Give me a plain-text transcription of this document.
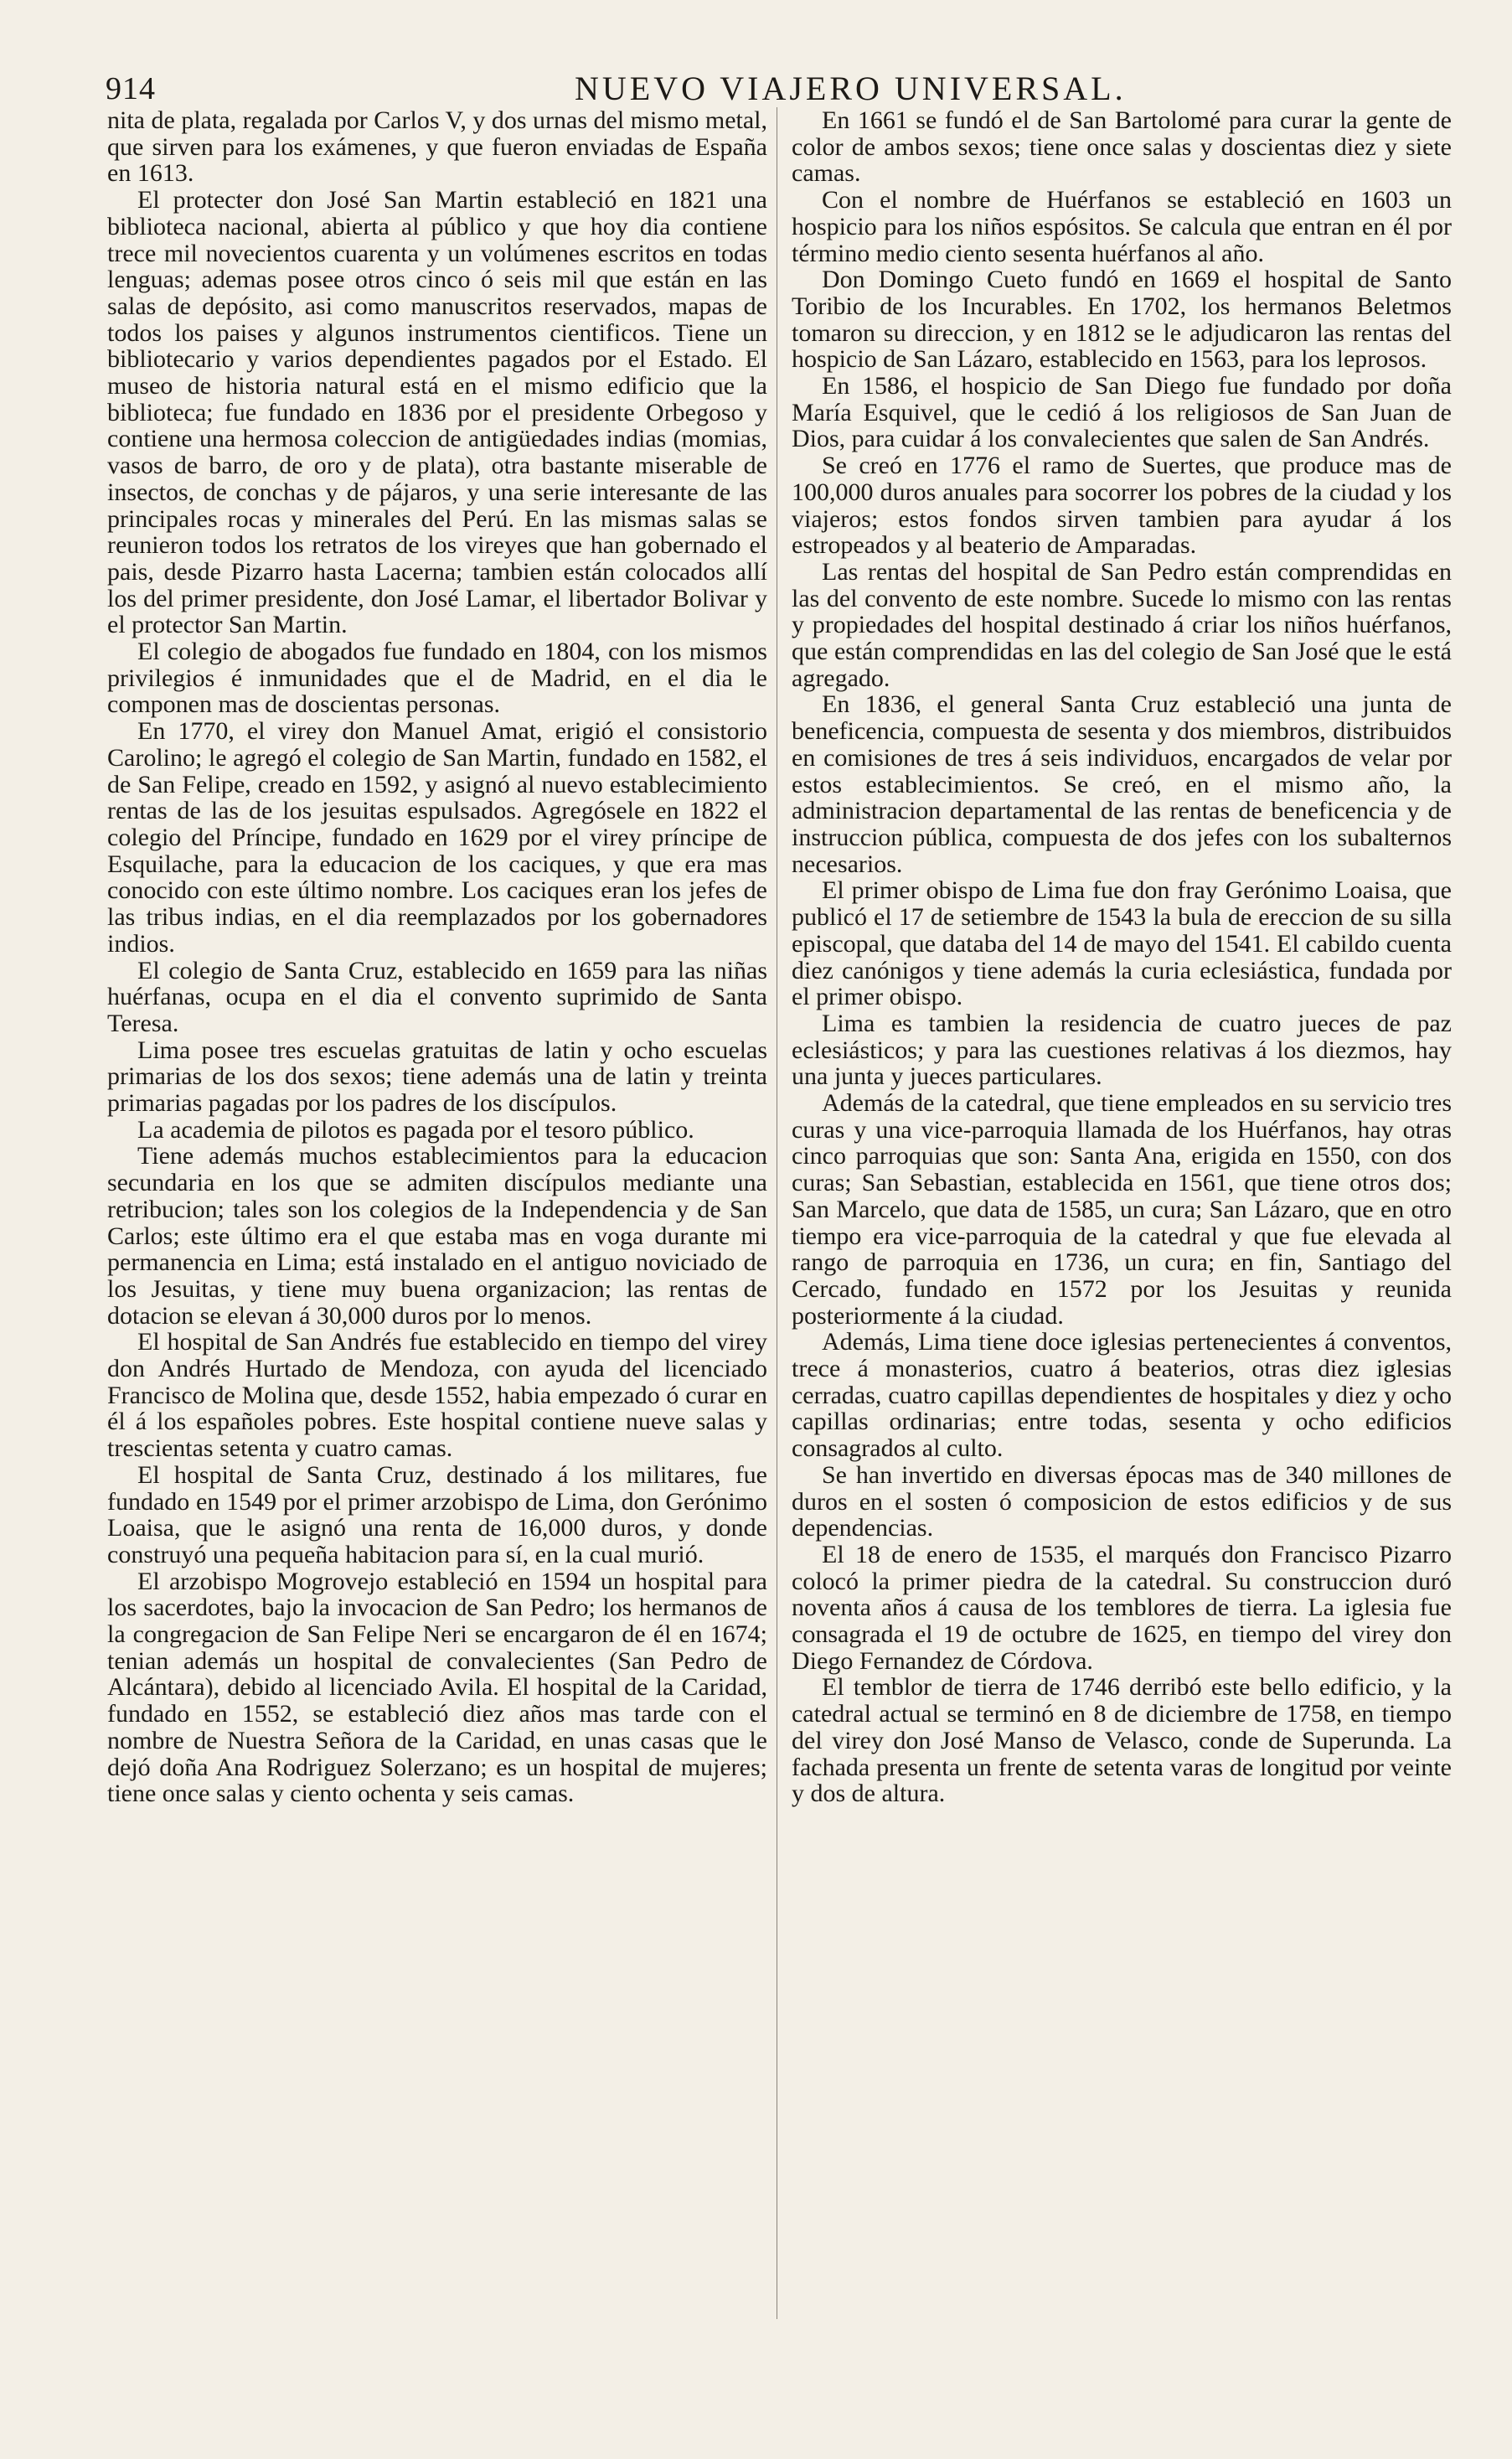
914	NUEVO VIAJERO UNIVERSAL.

nita de plata, regalada por Carlos V, y dos urnas del mismo metal, que sirven para los exámenes, y que fueron enviadas de España en 1613.

El protecter don José San Martin estableció en 1821 una biblioteca nacional, abierta al público y que hoy dia contiene trece mil novecientos cuarenta y un volúmenes escritos en todas lenguas; ademas posee otros cinco ó seis mil que están en las salas de depósito, asi como manuscritos reservados, mapas de todos los paises y algunos instrumentos cientificos. Tiene un bibliotecario y varios dependientes pagados por el Estado. El museo de historia natural está en el mismo edificio que la biblioteca; fue fundado en 1836 por el presidente Orbegoso y contiene una hermosa coleccion de antigüedades indias (momias, vasos de barro, de oro y de plata), otra bastante miserable de insectos, de conchas y de pájaros, y una serie interesante de las principales rocas y minerales del Perú. En las mismas salas se reunieron todos los retratos de los vireyes que han gobernado el pais, desde Pizarro hasta Lacerna; tambien están colocados allí los del primer presidente, don José Lamar, el libertador Bolivar y el protector San Martin.

El colegio de abogados fue fundado en 1804, con los mismos privilegios é inmunidades que el de Madrid, en el dia le componen mas de doscientas personas.

En 1770, el virey don Manuel Amat, erigió el consistorio Carolino; le agregó el colegio de San Martin, fundado en 1582, el de San Felipe, creado en 1592, y asignó al nuevo establecimiento rentas de las de los jesuitas espulsados. Agregósele en 1822 el colegio del Príncipe, fundado en 1629 por el virey príncipe de Esquilache, para la educacion de los caciques, y que era mas conocido con este último nombre. Los caciques eran los jefes de las tribus indias, en el dia reemplazados por los gobernadores indios.

El colegio de Santa Cruz, establecido en 1659 para las niñas huérfanas, ocupa en el dia el convento suprimido de Santa Teresa.

Lima posee tres escuelas gratuitas de latin y ocho escuelas primarias de los dos sexos; tiene además una de latin y treinta primarias pagadas por los padres de los discípulos.

La academia de pilotos es pagada por el tesoro público.

Tiene además muchos establecimientos para la educacion secundaria en los que se admiten discípulos mediante una retribucion; tales son los colegios de la Independencia y de San Carlos; este último era el que estaba mas en voga durante mi permanencia en Lima; está instalado en el antiguo noviciado de los Jesuitas, y tiene muy buena organizacion; las rentas de dotacion se elevan á 30,000 duros por lo menos.

El hospital de San Andrés fue establecido en tiempo del virey don Andrés Hurtado de Mendoza, con ayuda del licenciado Francisco de Molina que, desde 1552, habia empezado ó curar en él á los españoles pobres. Este hospital contiene nueve salas y trescientas setenta y cuatro camas.

El hospital de Santa Cruz, destinado á los militares, fue fundado en 1549 por el primer arzobispo de Lima, don Gerónimo Loaisa, que le asignó una renta de 16,000 duros, y donde construyó una pequeña habitacion para sí, en la cual murió.

El arzobispo Mogrovejo estableció en 1594 un hospital para los sacerdotes, bajo la invocacion de San Pedro; los hermanos de la congregacion de San Felipe Neri se encargaron de él en 1674; tenian además un hospital de convalecientes (San Pedro de Alcántara), debido al licenciado Avila. El hospital de la Caridad, fundado en 1552, se estableció diez años mas tarde con el nombre de Nuestra Señora de la Caridad, en unas casas que le dejó doña Ana Rodriguez Solerzano; es un hospital de mujeres; tiene once salas y ciento ochenta y seis camas.

En 1661 se fundó el de San Bartolomé para curar la gente de color de ambos sexos; tiene once salas y doscientas diez y siete camas.

Con el nombre de Huérfanos se estableció en 1603 un hospicio para los niños espósitos. Se calcula que entran en él por término medio ciento sesenta huérfanos al año.

Don Domingo Cueto fundó en 1669 el hospital de Santo Toribio de los Incurables. En 1702, los hermanos Beletmos tomaron su direccion, y en 1812 se le adjudicaron las rentas del hospicio de San Lázaro, establecido en 1563, para los leprosos.

En 1586, el hospicio de San Diego fue fundado por doña María Esquivel, que le cedió á los religiosos de San Juan de Dios, para cuidar á los convalecientes que salen de San Andrés.

Se creó en 1776 el ramo de Suertes, que produce mas de 100,000 duros anuales para socorrer los pobres de la ciudad y los viajeros; estos fondos sirven tambien para ayudar á los estropeados y al beaterio de Amparadas.

Las rentas del hospital de San Pedro están comprendidas en las del convento de este nombre. Sucede lo mismo con las rentas y propiedades del hospital destinado á criar los niños huérfanos, que están comprendidas en las del colegio de San José que le está agregado.

En 1836, el general Santa Cruz estableció una junta de beneficencia, compuesta de sesenta y dos miembros, distribuidos en comisiones de tres á seis individuos, encargados de velar por estos establecimientos. Se creó, en el mismo año, la administracion departamental de las rentas de beneficencia y de instruccion pública, compuesta de dos jefes con los subalternos necesarios.

El primer obispo de Lima fue don fray Gerónimo Loaisa, que publicó el 17 de setiembre de 1543 la bula de ereccion de su silla episcopal, que databa del 14 de mayo del 1541. El cabildo cuenta diez canónigos y tiene además la curia eclesiástica, fundada por el primer obispo.

Lima es tambien la residencia de cuatro jueces de paz eclesiásticos; y para las cuestiones relativas á los diezmos, hay una junta y jueces particulares.

Además de la catedral, que tiene empleados en su servicio tres curas y una vice-parroquia llamada de los Huérfanos, hay otras cinco parroquias que son: Santa Ana, erigida en 1550, con dos curas; San Sebastian, establecida en 1561, que tiene otros dos; San Marcelo, que data de 1585, un cura; San Lázaro, que en otro tiempo era vice-parroquia de la catedral y que fue elevada al rango de parroquia en 1736, un cura; en fin, Santiago del Cercado, fundado en 1572 por los Jesuitas y reunida posteriormente á la ciudad.

Además, Lima tiene doce iglesias pertenecientes á conventos, trece á monasterios, cuatro á beaterios, otras diez iglesias cerradas, cuatro capillas dependientes de hospitales y diez y ocho capillas ordinarias; entre todas, sesenta y ocho edificios consagrados al culto.

Se han invertido en diversas épocas mas de 340 millones de duros en el sosten ó composicion de estos edificios y de sus dependencias.

El 18 de enero de 1535, el marqués don Francisco Pizarro colocó la primer piedra de la catedral. Su construccion duró noventa años á causa de los temblores de tierra. La iglesia fue consagrada el 19 de octubre de 1625, en tiempo del virey don Diego Fernandez de Córdova.

El temblor de tierra de 1746 derribó este bello edificio, y la catedral actual se terminó en 8 de diciembre de 1758, en tiempo del virey don José Manso de Velasco, conde de Superunda. La fachada presenta un frente de setenta varas de longitud por veinte y dos de altura.
